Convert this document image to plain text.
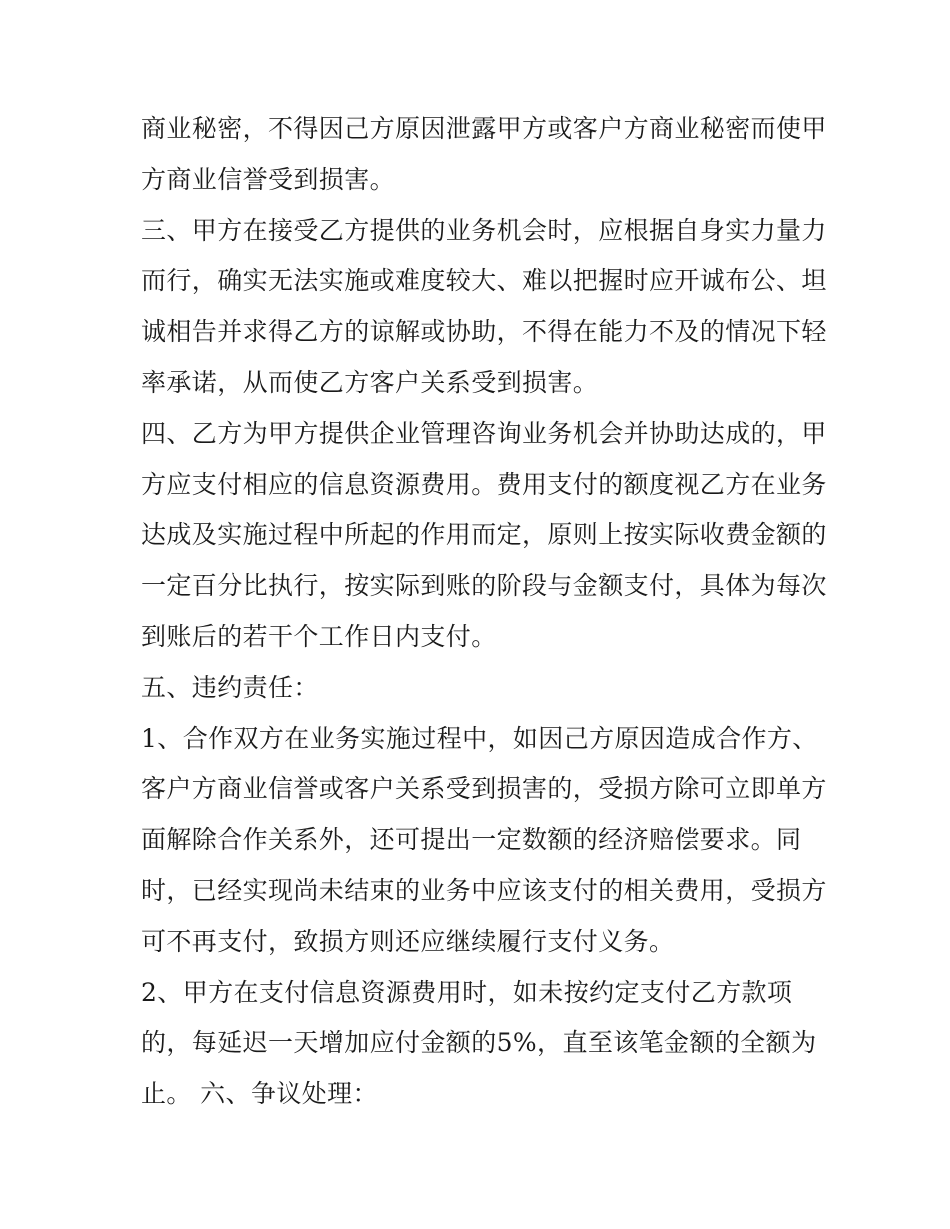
商业秘密，不得因己方原因泄露甲方或客户方商业秘密而使甲
方商业信誉受到损害。
三、甲方在接受乙方提供的业务机会时，应根据自身实力量力
而行，确实无法实施或难度较大、难以把握时应开诚布公、坦
诚相告并求得乙方的谅解或协助，不得在能力不及的情况下轻
率承诺，从而使乙方客户关系受到损害。
四、乙方为甲方提供企业管理咨询业务机会并协助达成的，甲
方应支付相应的信息资源费用。费用支付的额度视乙方在业务
达成及实施过程中所起的作用而定，原则上按实际收费金额的
一定百分比执行，按实际到账的阶段与金额支付，具体为每次
到账后的若干个工作日内支付。
五、违约责任：
1、合作双方在业务实施过程中，如因己方原因造成合作方、
客户方商业信誉或客户关系受到损害的，受损方除可立即单方
面解除合作关系外，还可提出一定数额的经济赔偿要求。同
时，已经实现尚未结束的业务中应该支付的相关费用，受损方
可不再支付，致损方则还应继续履行支付义务。
2、甲方在支付信息资源费用时，如未按约定支付乙方款项
的，每延迟一天增加应付金额的5%，直至该笔金额的全额为
止。 六、争议处理：
